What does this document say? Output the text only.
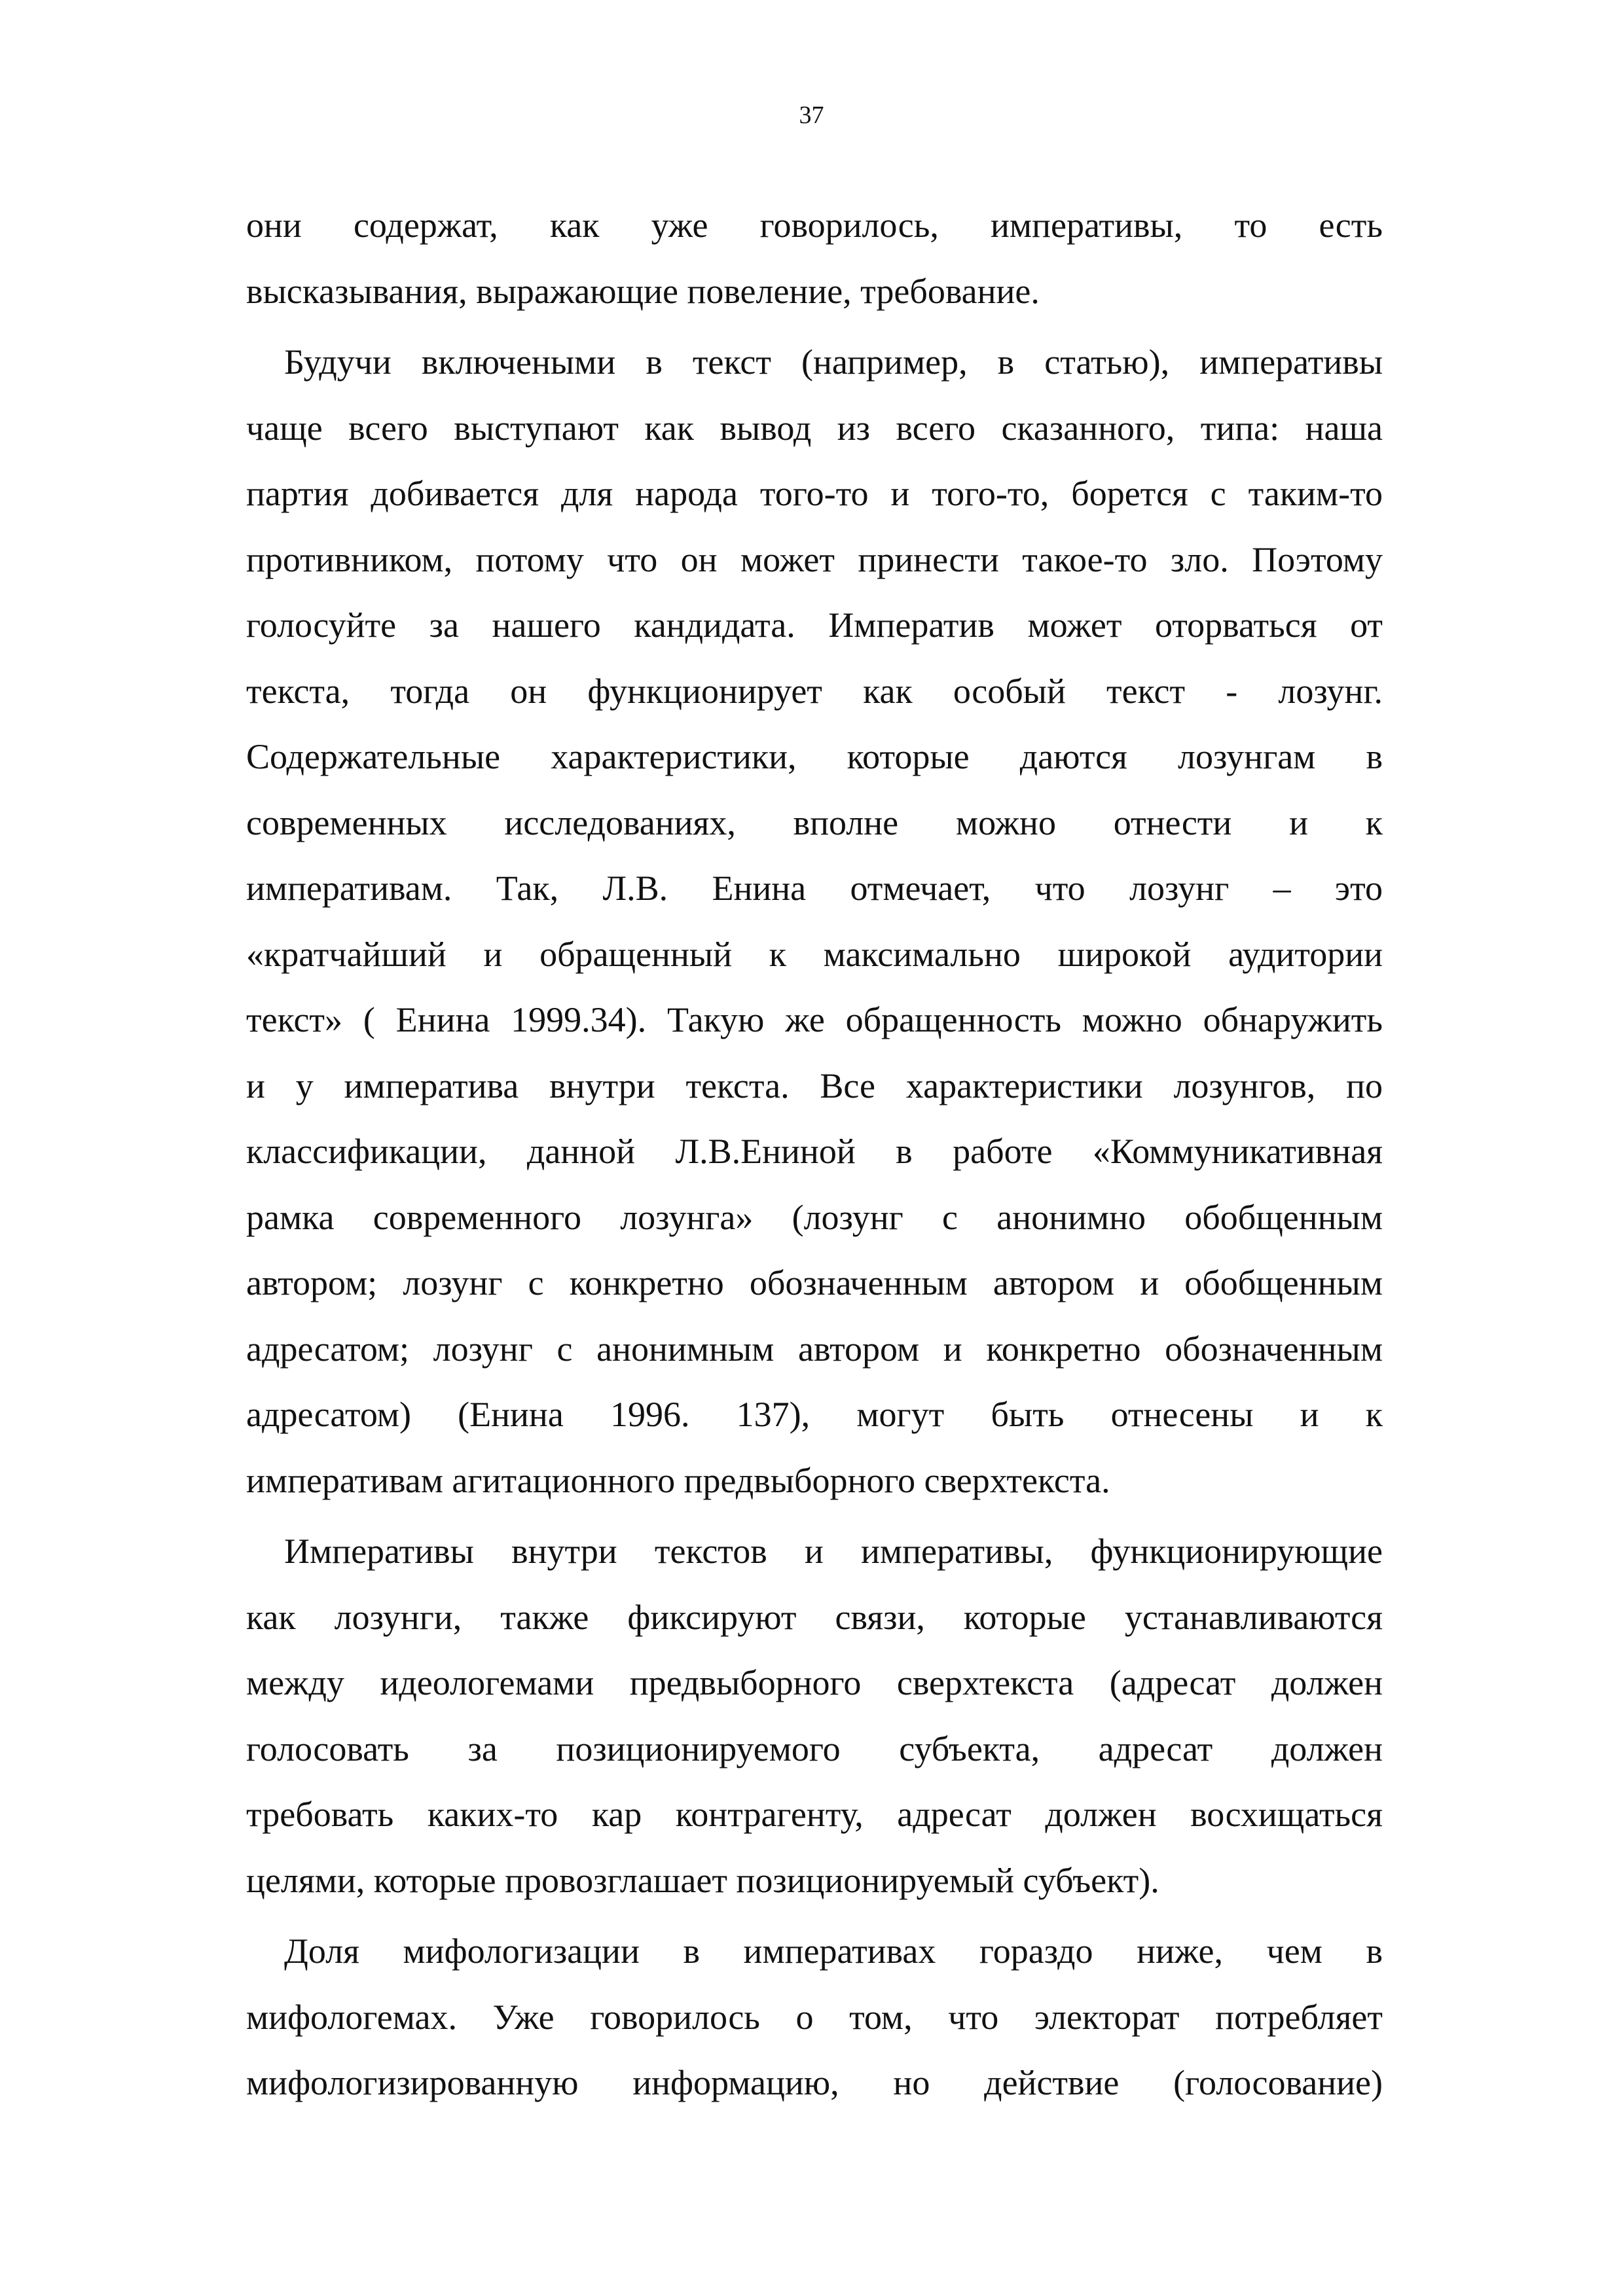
37
они содержат, как уже говорилось, императивы, то есть
высказывания, выражающие повеление, требование.
Будучи включеными в текст (например, в статью), императивы
чаще всего выступают как вывод из всего сказанного, типа: наша
партия добивается для народа того-то и того-то, борется с таким-то
противником, потому что он может принести такое-то зло. Поэтому
голосуйте за нашего кандидата. Императив может оторваться от
текста, тогда он функционирует как особый текст - лозунг.
Содержательные характеристики, которые даются лозунгам в
современных исследованиях, вполне можно отнести и к
императивам. Так, Л.В. Енина отмечает, что лозунг – это
«кратчайший и обращенный к максимально широкой аудитории
текст» ( Енина 1999.34). Такую же обращенность можно обнаружить
и у императива внутри текста. Все характеристики лозунгов, по
классификации, данной Л.В.Ениной в работе «Коммуникативная
рамка современного лозунга» (лозунг с анонимно обобщенным
автором; лозунг с конкретно обозначенным автором и обобщенным
адресатом; лозунг с анонимным автором и конкретно обозначенным
адресатом) (Енина 1996. 137), могут быть отнесены и к
императивам агитационного предвыборного сверхтекста.
Императивы внутри текстов и императивы, функционирующие
как лозунги, также фиксируют связи, которые устанавливаются
между идеологемами предвыборного сверхтекста (адресат должен
голосовать за позиционируемого субъекта, адресат должен
требовать каких-то кар контрагенту, адресат должен восхищаться
целями, которые провозглашает позиционируемый субъект).
Доля мифологизации в императивах гораздо ниже, чем в
мифологемах. Уже говорилось о том, что электорат потребляет
мифологизированную информацию, но действие (голосование)
